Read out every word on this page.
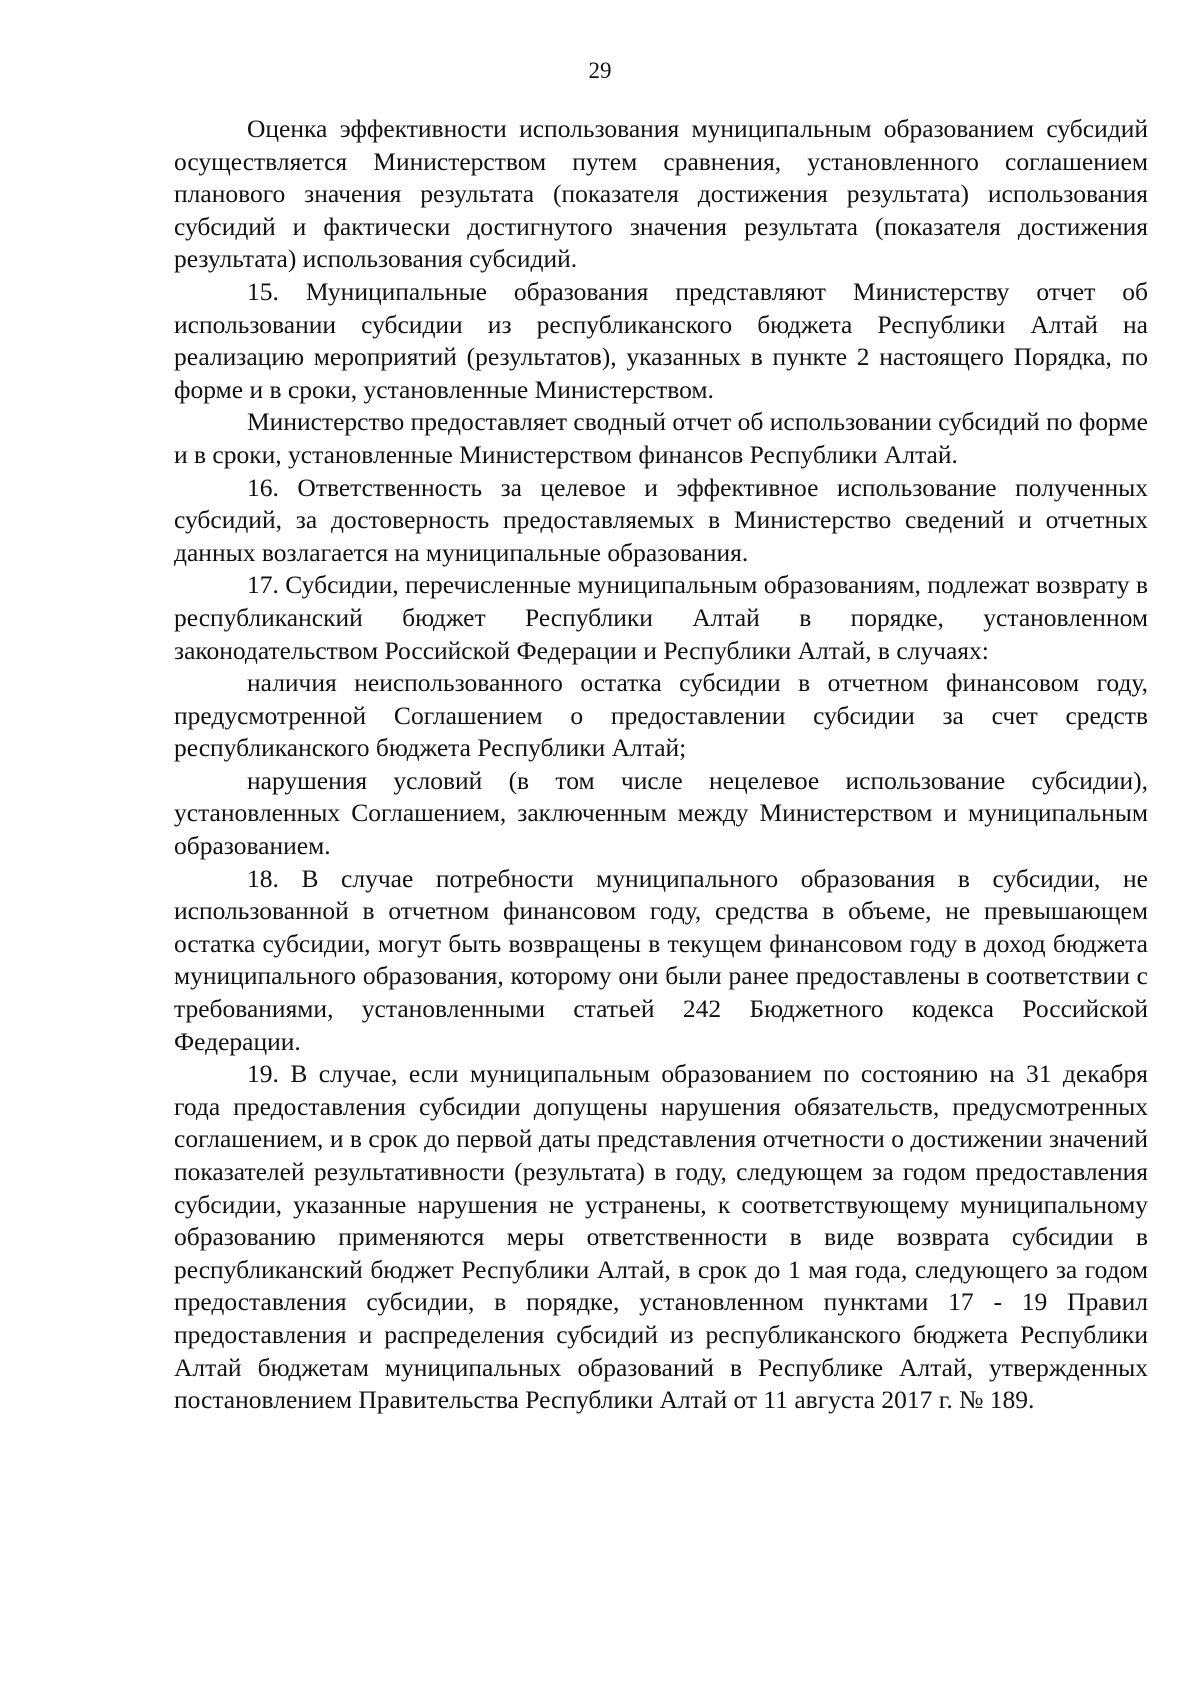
29

Оценка эффективности использования муниципальным образованием субсидий осуществляется Министерством путем сравнения, установленного соглашением планового значения результата (показателя достижения результата) использования субсидий и фактически достигнутого значения результата (показателя достижения результата) использования субсидий.

15. Муниципальные образования представляют Министерству отчет об использовании субсидии из республиканского бюджета Республики Алтай на реализацию мероприятий (результатов), указанных в пункте 2 настоящего Порядка, по форме и в сроки, установленные Министерством.

Министерство предоставляет сводный отчет об использовании субсидий по форме и в сроки, установленные Министерством финансов Республики Алтай.

16. Ответственность за целевое и эффективное использование полученных субсидий, за достоверность предоставляемых в Министерство сведений и отчетных данных возлагается на муниципальные образования.

17. Субсидии, перечисленные муниципальным образованиям, подлежат возврату в республиканский бюджет Республики Алтай в порядке, установленном законодательством Российской Федерации и Республики Алтай, в случаях:

наличия неиспользованного остатка субсидии в отчетном финансовом году, предусмотренной Соглашением о предоставлении субсидии за счет средств республиканского бюджета Республики Алтай;

нарушения условий (в том числе нецелевое использование субсидии), установленных Соглашением, заключенным между Министерством и муниципальным образованием.

18. В случае потребности муниципального образования в субсидии, не использованной в отчетном финансовом году, средства в объеме, не превышающем остатка субсидии, могут быть возвращены в текущем финансовом году в доход бюджета муниципального образования, которому они были ранее предоставлены в соответствии с требованиями, установленными статьей 242 Бюджетного кодекса Российской Федерации.

19. В случае, если муниципальным образованием по состоянию на 31 декабря года предоставления субсидии допущены нарушения обязательств, предусмотренных соглашением, и в срок до первой даты представления отчетности о достижении значений показателей результативности (результата) в году, следующем за годом предоставления субсидии, указанные нарушения не устранены, к соответствующему муниципальному образованию применяются меры ответственности в виде возврата субсидии в республиканский бюджет Республики Алтай, в срок до 1 мая года, следующего за годом предоставления субсидии, в порядке, установленном пунктами 17 - 19 Правил предоставления и распределения субсидий из республиканского бюджета Республики Алтай бюджетам муниципальных образований в Республике Алтай, утвержденных постановлением Правительства Республики Алтай от 11 августа 2017 г. № 189.
